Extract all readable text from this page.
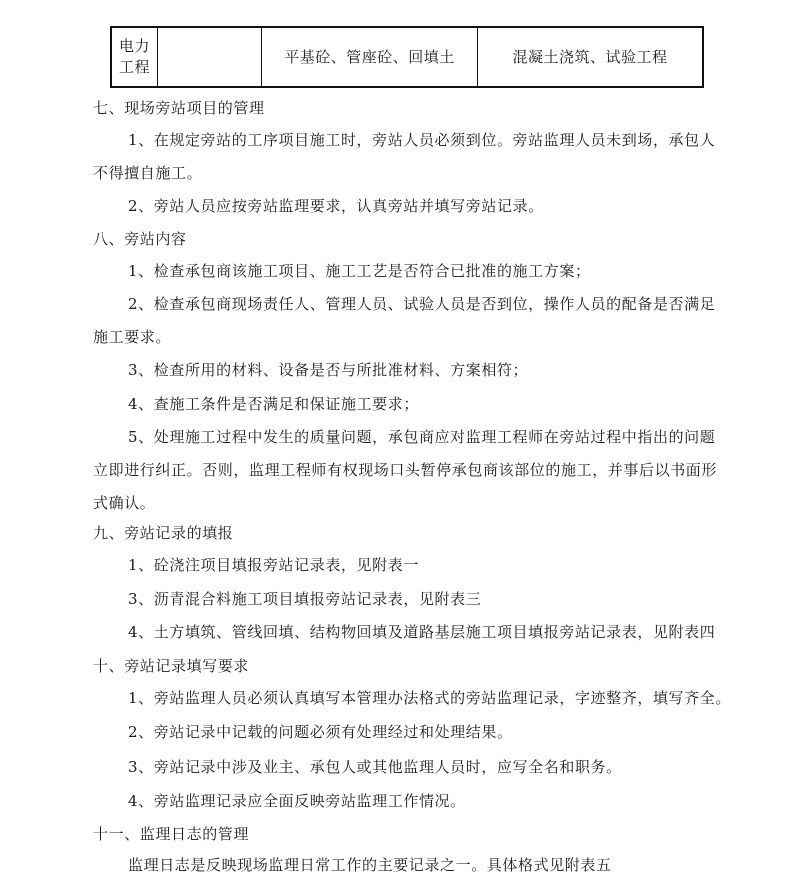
电力
工程
平基砼、管座砼、回填土	混凝土浇筑、试验工程
七、现场旁站项目的管理
1、在规定旁站的工序项目施工时，旁站人员必须到位。旁站监理人员未到场，承包人
不得擅自施工。
2、旁站人员应按旁站监理要求，认真旁站并填写旁站记录。
八、旁站内容
1、检查承包商该施工项目、施工工艺是否符合已批准的施工方案；
2、检查承包商现场责任人、管理人员、试验人员是否到位，操作人员的配备是否满足
施工要求。
3、检查所用的材料、设备是否与所批准材料、方案相符；
4、查施工条件是否满足和保证施工要求；
5、处理施工过程中发生的质量问题，承包商应对监理工程师在旁站过程中指出的问题
立即进行纠正。否则，监理工程师有权现场口头暂停承包商该部位的施工，并事后以书面形
式确认。
九、旁站记录的填报
1、砼浇注项目填报旁站记录表，见附表一
3、沥青混合料施工项目填报旁站记录表，见附表三
4、土方填筑、管线回填、结构物回填及道路基层施工项目填报旁站记录表，见附表四
十、旁站记录填写要求
1、旁站监理人员必须认真填写本管理办法格式的旁站监理记录，字迹整齐，填写齐全。
2、旁站记录中记载的问题必须有处理经过和处理结果。
3、旁站记录中涉及业主、承包人或其他监理人员时，应写全名和职务。
4、旁站监理记录应全面反映旁站监理工作情况。
十一、监理日志的管理
监理日志是反映现场监理日常工作的主要记录之一。具体格式见附表五
